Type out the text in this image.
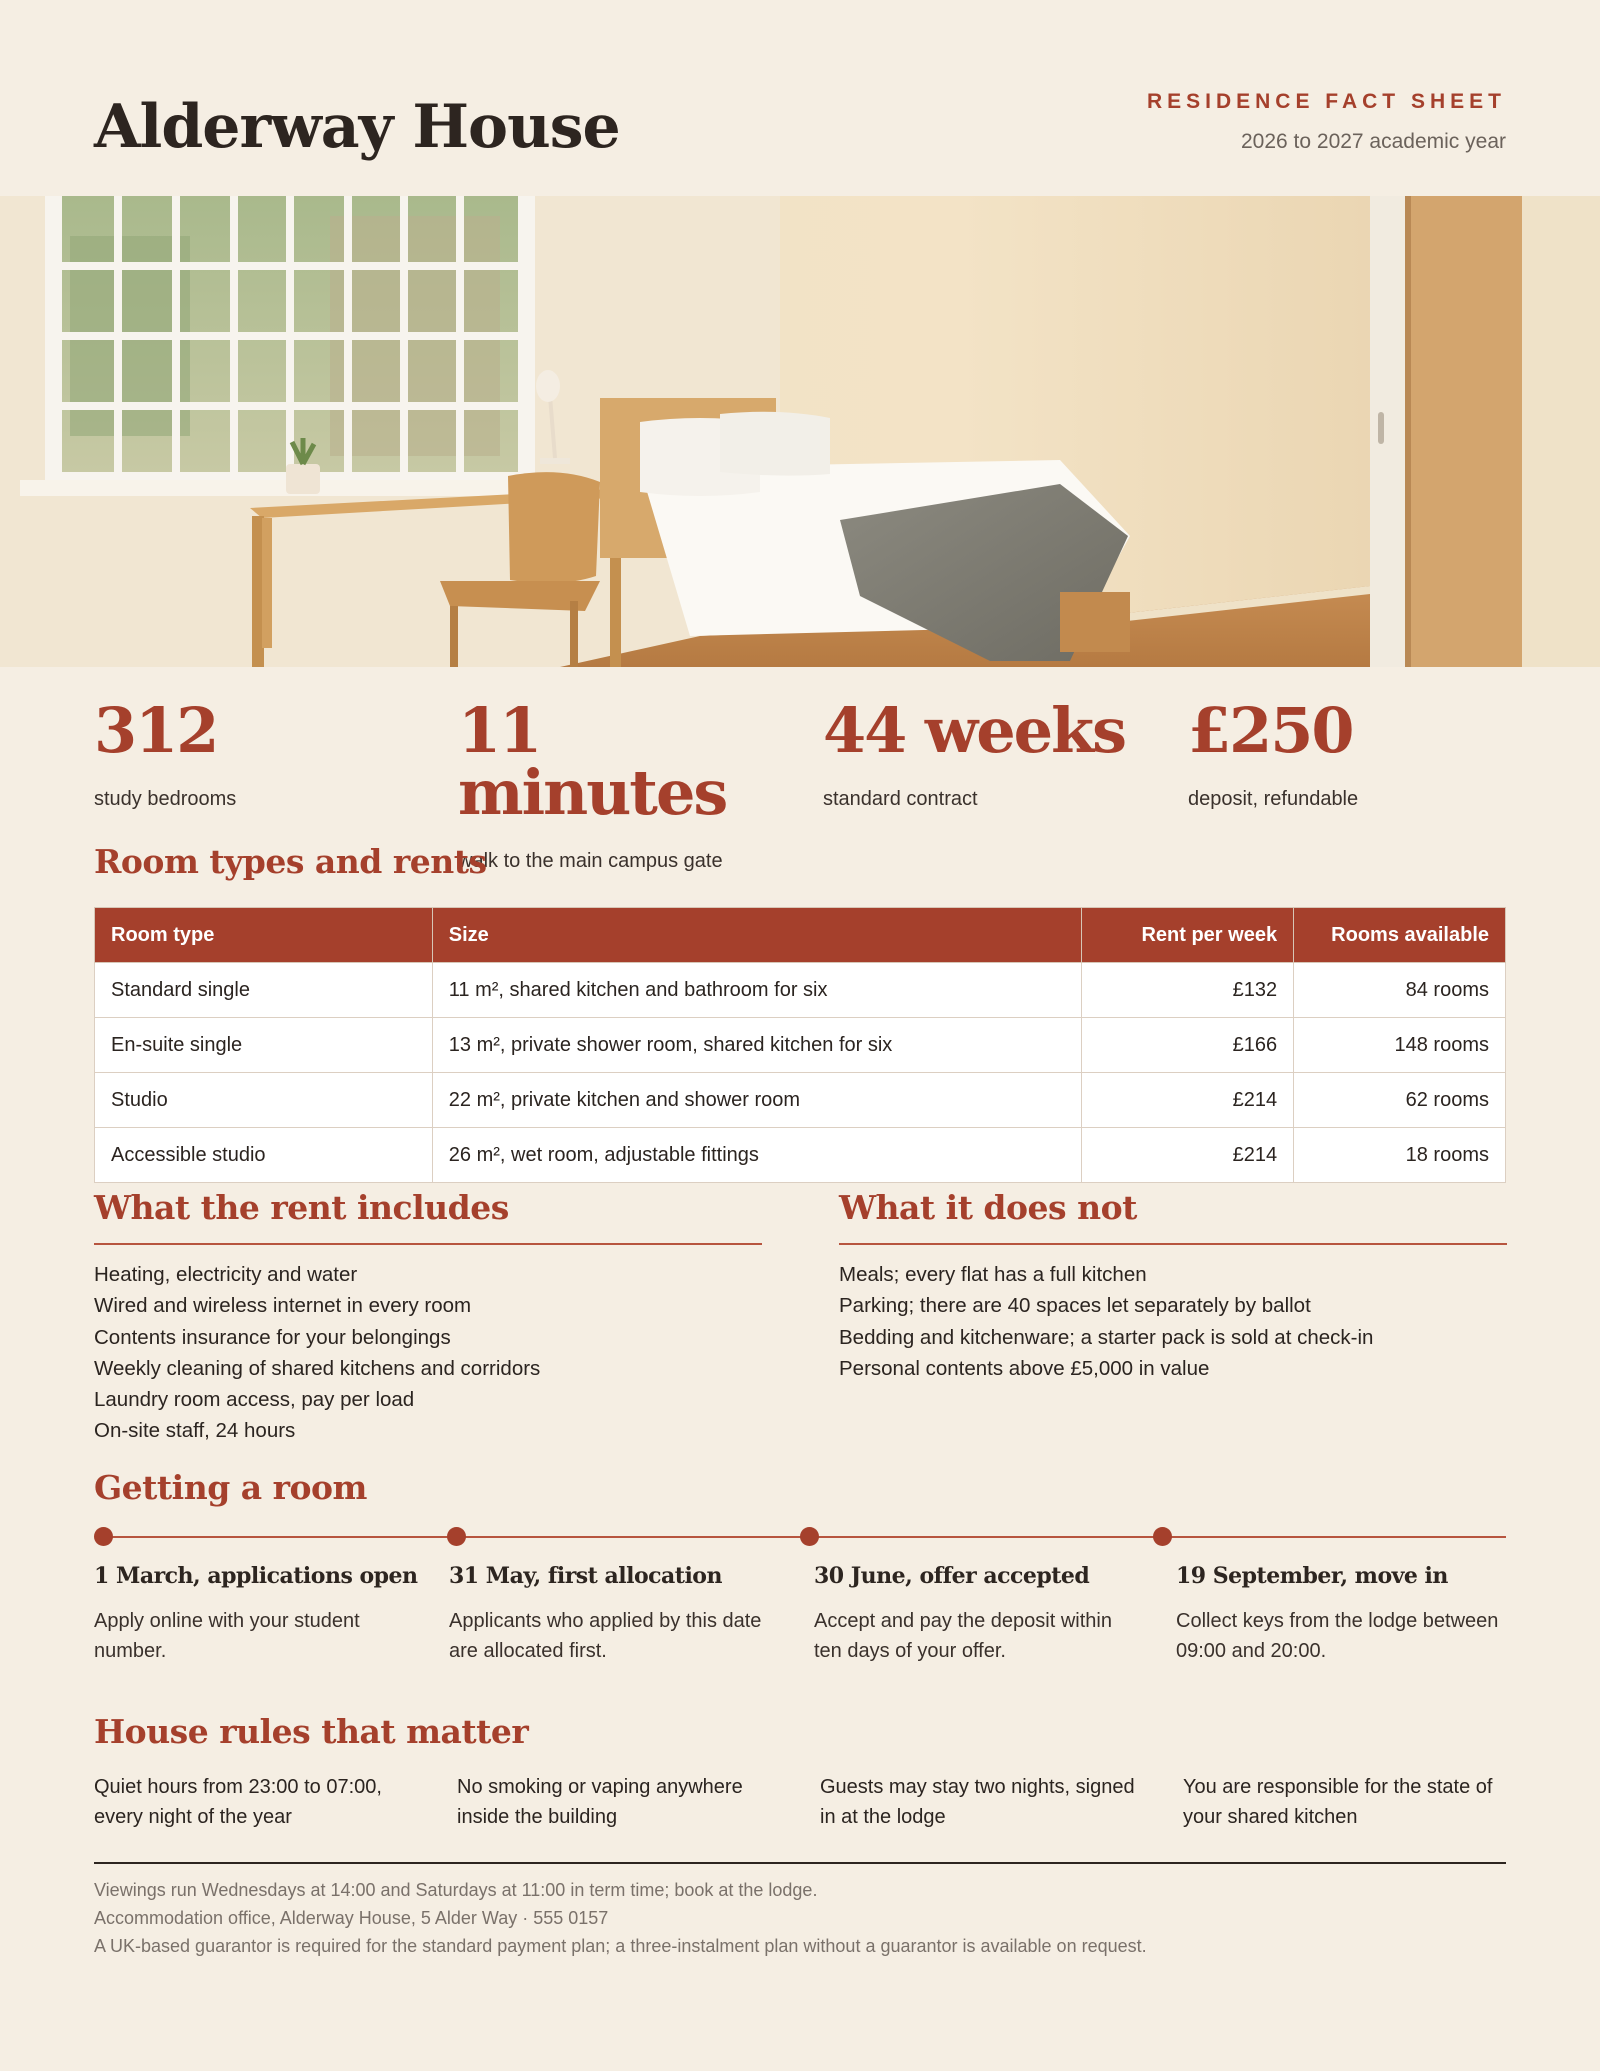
Alderway House	RESIDENCE FACT SHEET
2026 to 2027 academic year
312
study bedrooms
11 minutes
walk to the main campus gate
44 weeks
standard contract
£250
deposit, refundable
Room types and rents
Room type	Size	Rent per week	Rooms available
Standard single	11 m², shared kitchen and bathroom for six	£132	84 rooms
En-suite single	13 m², private shower room, shared kitchen for six	£166	148 rooms
Studio	22 m², private kitchen and shower room	£214	62 rooms
Accessible studio	26 m², wet room, adjustable fittings	£214	18 rooms
What the rent includes
Heating, electricity and water
Wired and wireless internet in every room
Contents insurance for your belongings
Weekly cleaning of shared kitchens and corridors
Laundry room access, pay per load
On-site staff, 24 hours
What it does not
Meals; every flat has a full kitchen
Parking; there are 40 spaces let separately by ballot
Bedding and kitchenware; a starter pack is sold at check-in
Personal contents above £5,000 in value
Getting a room
1 March, applications open
Apply online with your student number.
31 May, first allocation
Applicants who applied by this date are allocated first.
30 June, offer accepted
Accept and pay the deposit within ten days of your offer.
19 September, move in
Collect keys from the lodge between 09:00 and 20:00.
House rules that matter
Quiet hours from 23:00 to 07:00, every night of the year
No smoking or vaping anywhere inside the building
Guests may stay two nights, signed in at the lodge
You are responsible for the state of your shared kitchen

Viewings run Wednesdays at 14:00 and Saturdays at 11:00 in term time; book at the lodge.

Accommodation office, Alderway House, 5 Alder Way · 555 0157

A UK-based guarantor is required for the standard payment plan; a three-instalment plan without a guarantor is available on request.
